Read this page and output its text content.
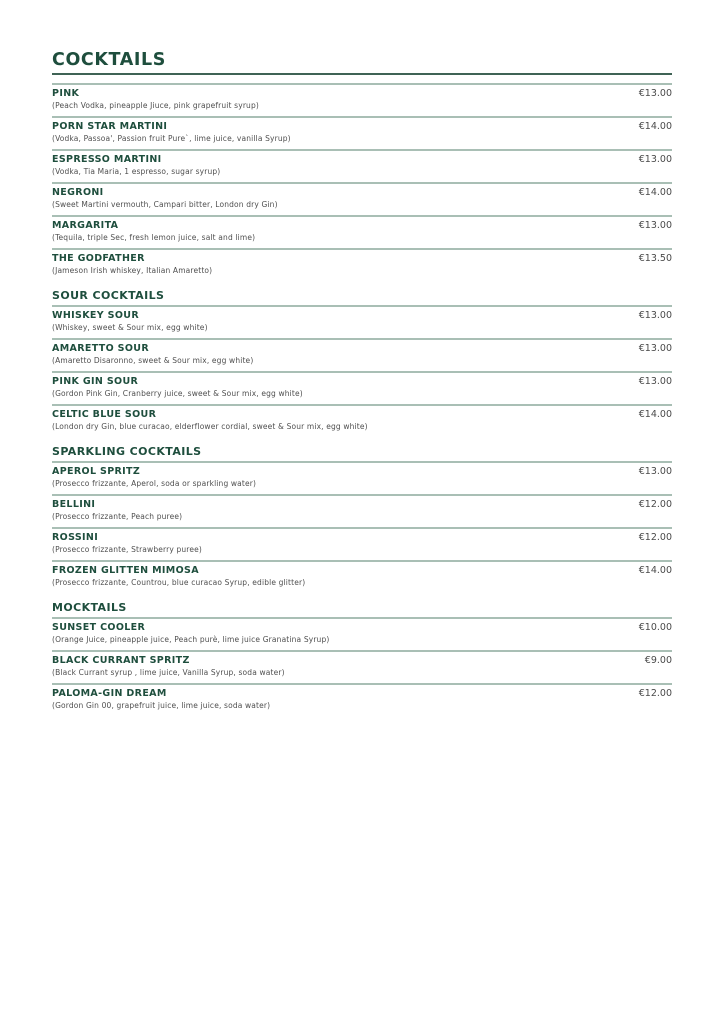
COCKTAILS
PINK	€13.00
(Peach Vodka, pineapple Jiuce, pink grapefruit syrup)
PORN STAR MARTINI	€14.00
(Vodka, Passoa', Passion fruit Pure`, lime juice, vanilla Syrup)
ESPRESSO MARTINI	€13.00
(Vodka, Tia Maria, 1 espresso, sugar syrup)
NEGRONI	€14.00
(Sweet Martini vermouth, Campari bitter, London dry Gin)
MARGARITA	€13.00
(Tequila, triple Sec, fresh lemon juice, salt and lime)
THE GODFATHER	€13.50
(Jameson Irish whiskey, Italian Amaretto)
SOUR COCKTAILS
WHISKEY SOUR	€13.00
(Whiskey, sweet & Sour mix, egg white)
AMARETTO SOUR	€13.00
(Amaretto Disaronno, sweet & Sour mix, egg white)
PINK GIN SOUR	€13.00
(Gordon Pink Gin, Cranberry juice, sweet & Sour mix, egg white)
CELTIC BLUE SOUR	€14.00
(London dry Gin, blue curacao, elderflower cordial, sweet & Sour mix, egg white)
SPARKLING COCKTAILS
APEROL SPRITZ	€13.00
(Prosecco frizzante, Aperol, soda or sparkling water)
BELLINI	€12.00
(Prosecco frizzante, Peach puree)
ROSSINI	€12.00
(Prosecco frizzante, Strawberry puree)
FROZEN GLITTEN MIMOSA	€14.00
(Prosecco frizzante, Countrou, blue curacao Syrup, edible glitter)
MOCKTAILS
SUNSET COOLER	€10.00
(Orange Juice, pineapple juice, Peach purè, lime juice Granatina Syrup)
BLACK CURRANT SPRITZ	€9.00
(Black Currant syrup , lime juice, Vanilla Syrup, soda water)
PALOMA-GIN DREAM	€12.00
(Gordon Gin 00, grapefruit juice, lime juice, soda water)
